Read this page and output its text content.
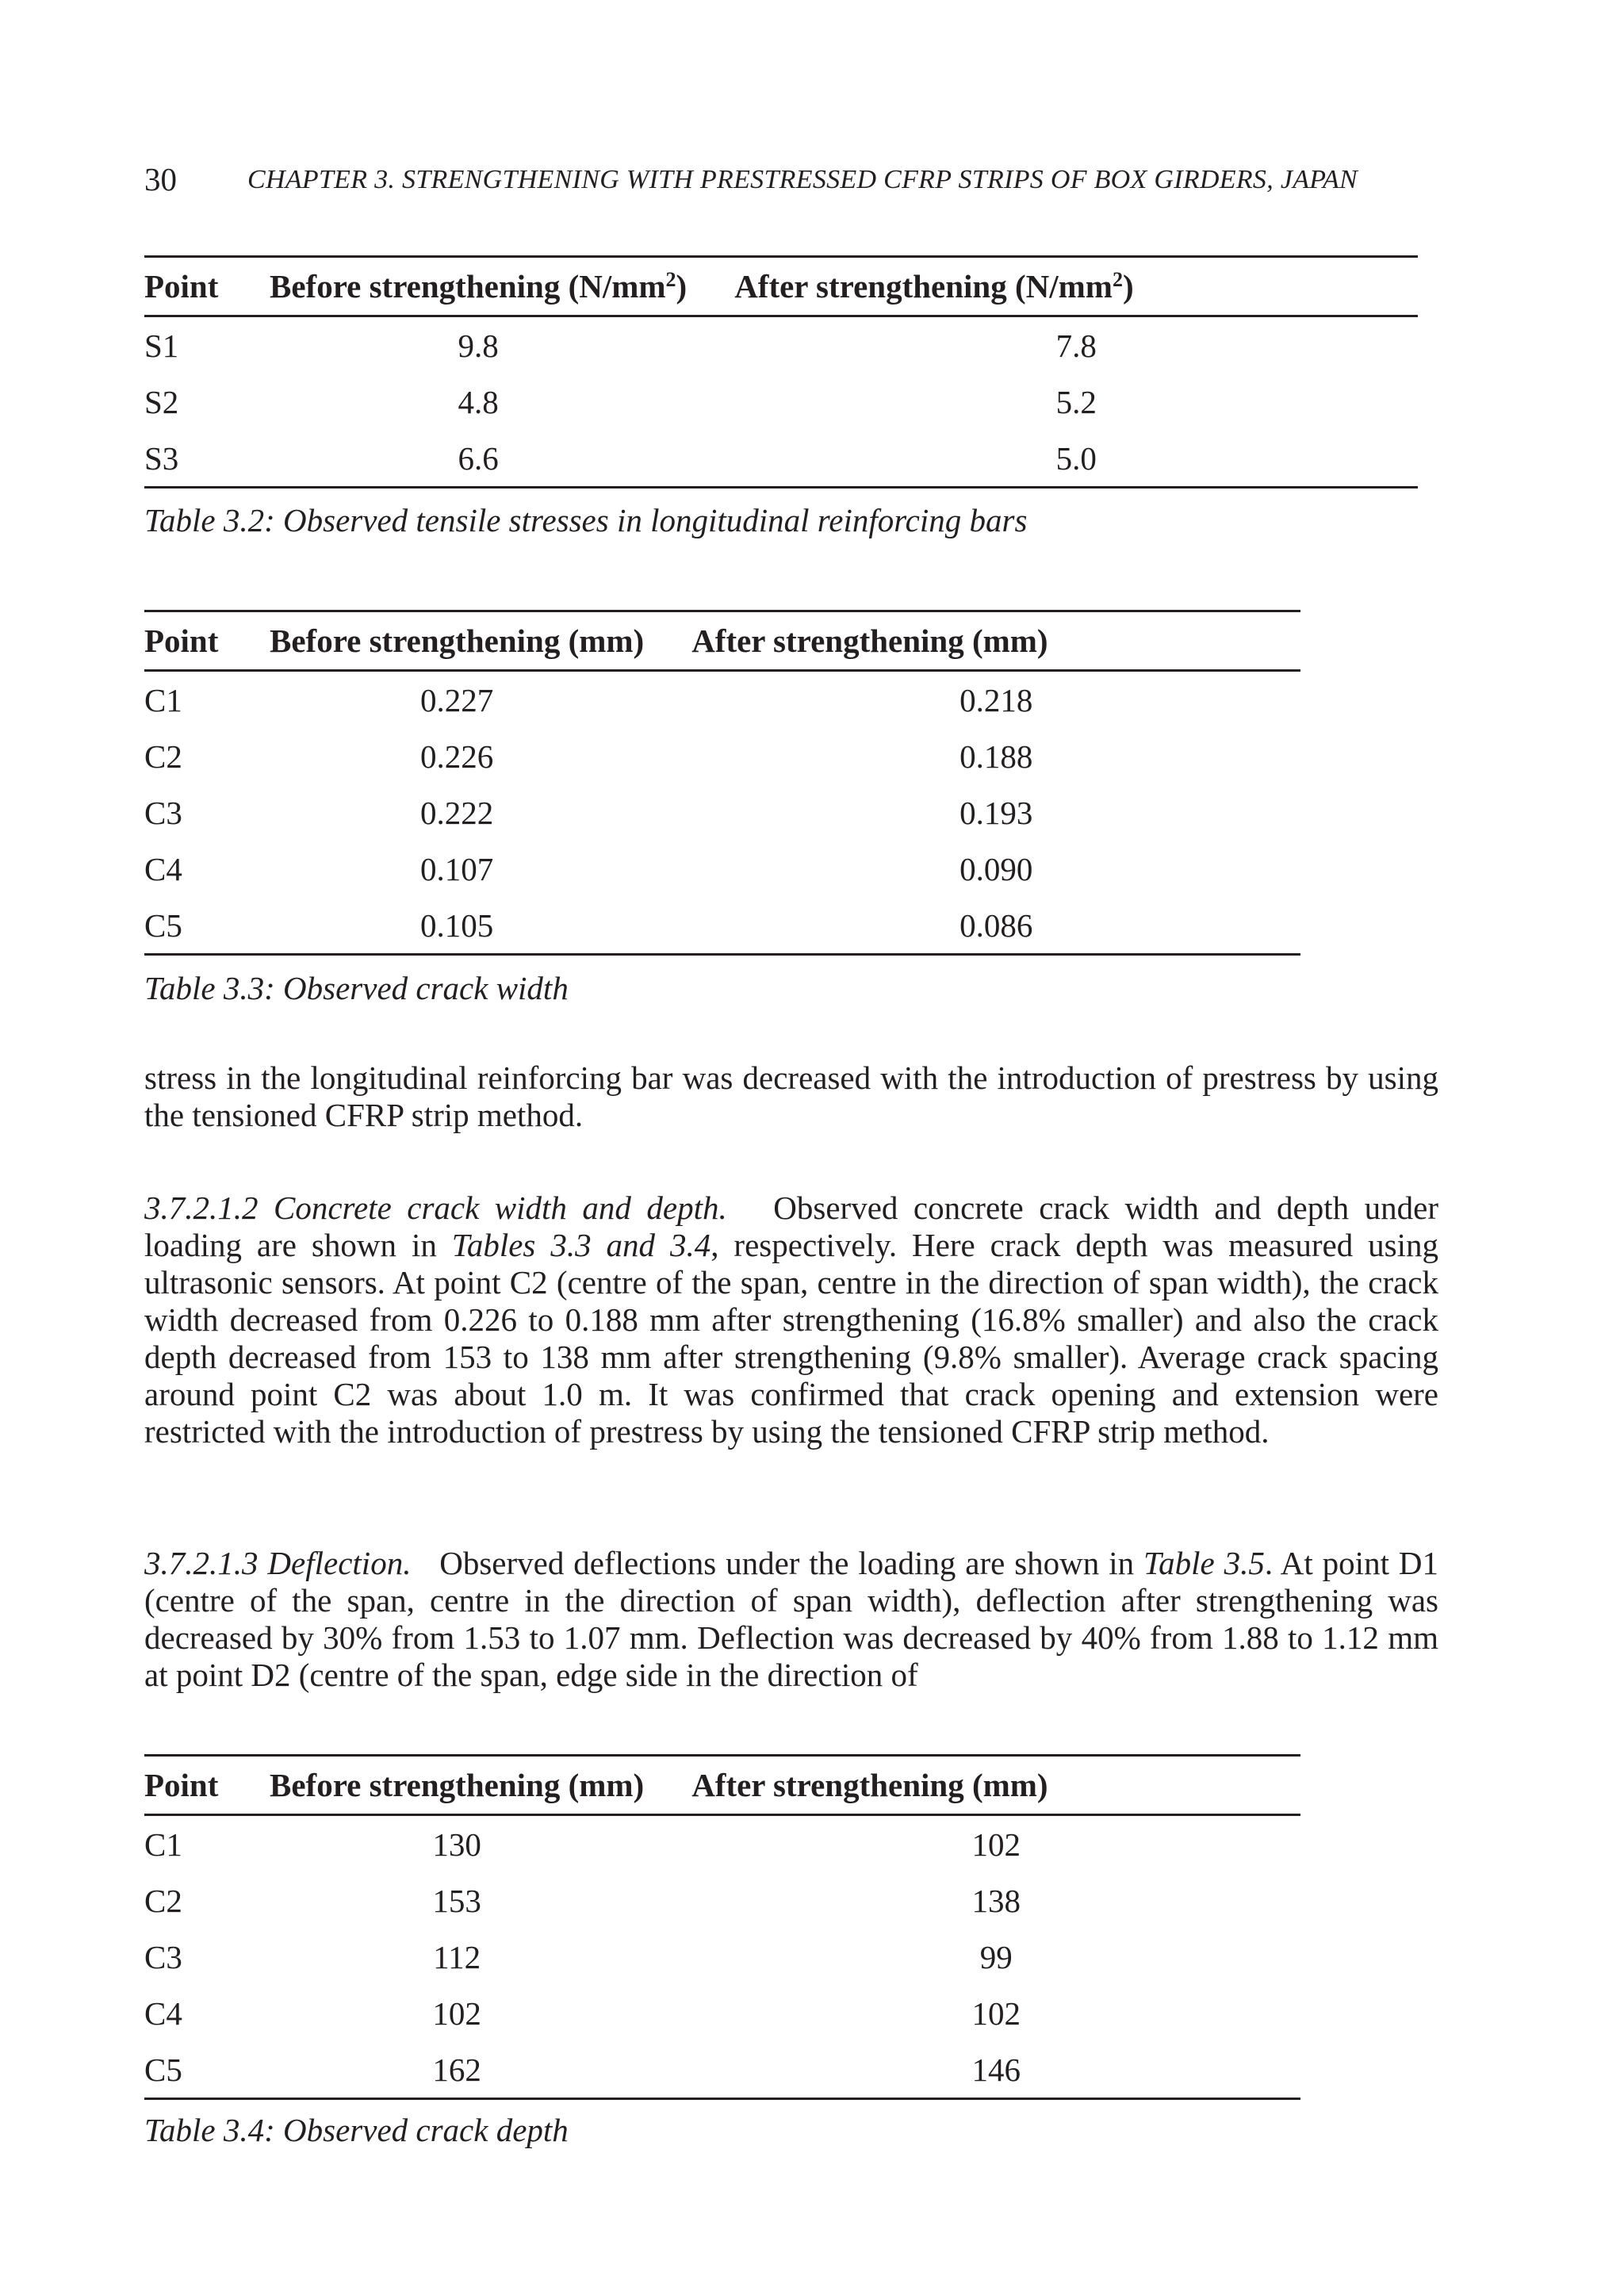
30	CHAPTER 3. STRENGTHENING WITH PRESTRESSED CFRP STRIPS OF BOX GIRDERS, JAPAN
Point	Before strengthening $(N/mm^2)$	After strengthening $(N/mm^2)$
S1	9.8	7.8
S2	4.8	5.2
S3	6.6	5.0
Table 3.2: Observed tensile stresses in longitudinal reinforcing bars
Point	Before strengthening (mm)	After strengthening (mm)
C1	0.227	0.218
C2	0.226	0.188
C3	0.222	0.193
C4	0.107	0.090
C5	0.105	0.086
Table 3.3: Observed crack width

stress in the longitudinal reinforcing bar was decreased with the introduction of prestress by using the tensioned CFRP strip method.

3.7.2.1.2 Concrete crack width and depth. Observed concrete crack width and depth under loading are shown in Tables 3.3 and 3.4, respectively. Here crack depth was measured using ultrasonic sensors. At point C2 (centre of the span, centre in the direction of span width), the crack width decreased from 0.226 to 0.188 mm after strengthening (16.8% smaller) and also the crack depth decreased from 153 to 138 mm after strengthening (9.8% smaller). Average crack spacing around point C2 was about 1.0 m. It was confirmed that crack opening and extension were restricted with the introduction of prestress by using the tensioned CFRP strip method.

3.7.2.1.3 Deflection. Observed deflections under the loading are shown in Table 3.5. At point D1 (centre of the span, centre in the direction of span width), deflection after strengthening was decreased by 30% from 1.53 to 1.07 mm. Deflection was decreased by 40% from 1.88 to 1.12 mm at point D2 (centre of the span, edge side in the direction of

Point	Before strengthening (mm)	After strengthening (mm)
C1	130	102
C2	153	138
C3	112	99
C4	102	102
C5	162	146
Table 3.4: Observed crack depth
